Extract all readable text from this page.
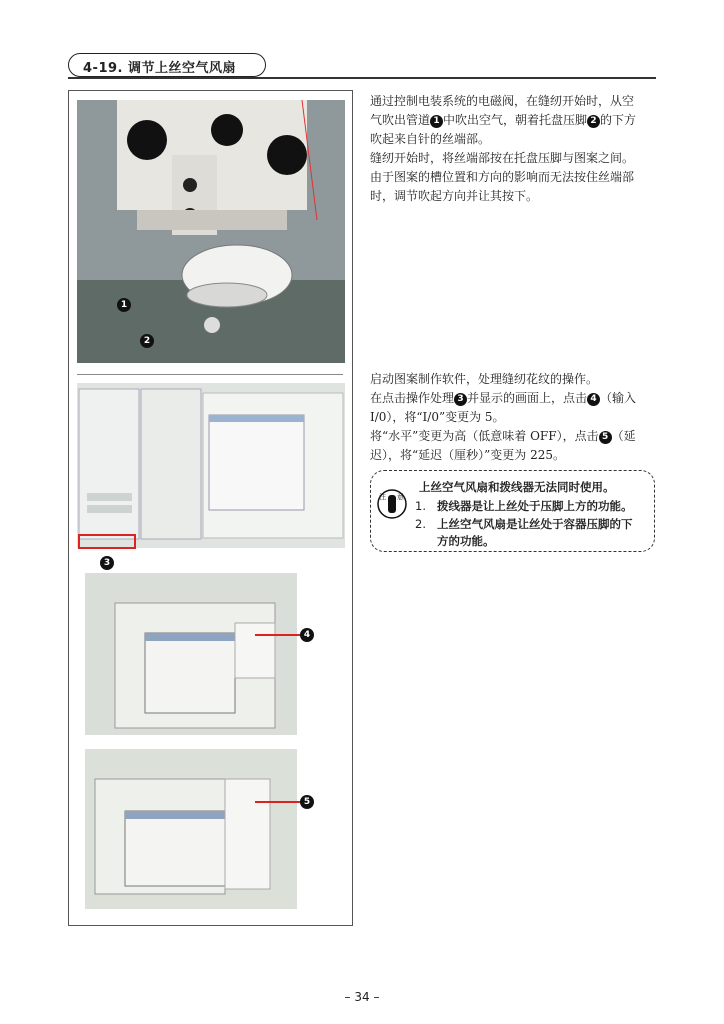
4-19. 调节上丝空气风扇
1
2
3
4
5
通过控制电装系统的电磁阀，在缝纫开始时，从空
气吹出管道 1 中吹出空气，朝着托盘压脚 2 的下方
吹起来自针的丝端部。
缝纫开始时，将丝端部按在托盘压脚与图案之间。
由于图案的槽位置和方向的影响而无法按住丝端部
时，调节吹起方向并让其按下。
启动图案制作软件，处理缝纫花纹的操作。
在点击操作处理 3 并显示的画面上，点击 4 （输入
I/0），将“I/0”变更为 5。
将“水平”变更为高（低意味着 OFF），点击 5 （延
迟），将“延迟（厘秒）”变更为 225。
注 意
上丝空气风扇和拨线器无法同时使用。
1. 拨线器是让上丝处于压脚上方的功能。
2. 上丝空气风扇是让丝处于容器压脚的下
方的功能。
– 34 –
